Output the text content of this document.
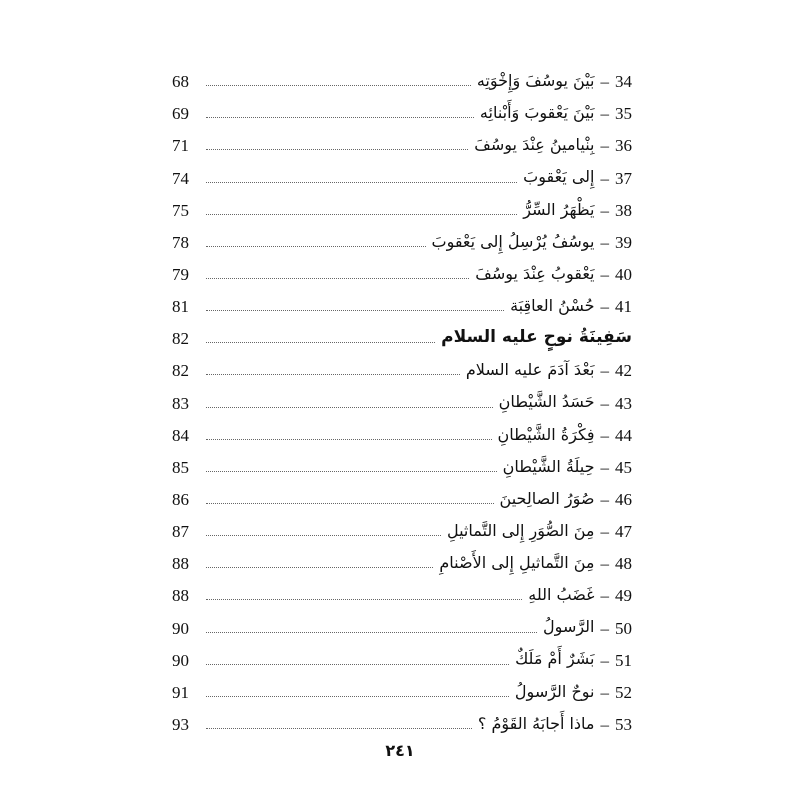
34
–
بَيْنَ يوسُفَ وَإِخْوَتِه
68
35
–
بَيْنَ يَعْقوبَ وَأَبْنائِه
69
36
–
بِنْيامينُ عِنْدَ يوسُفَ
71
37
–
إِلى يَعْقوبَ
74
38
–
يَظْهَرُ السِّرُّ
75
39
–
يوسُفُ يُرْسِلُ إِلى يَعْقوبَ
78
40
–
يَعْقوبُ عِنْدَ يوسُفَ
79
41
–
حُسْنُ العاقِبَة
81
سَفِينَةُ نوحٍ عليه السلام
82
42
–
بَعْدَ آدَمَ عليه السلام
82
43
–
حَسَدُ الشَّيْطانِ
83
44
–
فِكْرَةُ الشَّيْطانِ
84
45
–
حِيلَةُ الشَّيْطانِ
85
46
–
صُوَرُ الصالِحينَ
86
47
–
مِنَ الصُّوَرِ إِلى التَّماثيلِ
87
48
–
مِنَ التَّماثيلِ إِلى الأَصْنامِ
88
49
–
غَضَبُ اللهِ
88
50
–
الرَّسولُ
90
51
–
بَشَرٌ أَمْ مَلَكٌ
90
52
–
نوحٌ الرَّسولُ
91
53
–
ماذا أَجابَهُ القَوْمُ ؟
93
٢٤١
